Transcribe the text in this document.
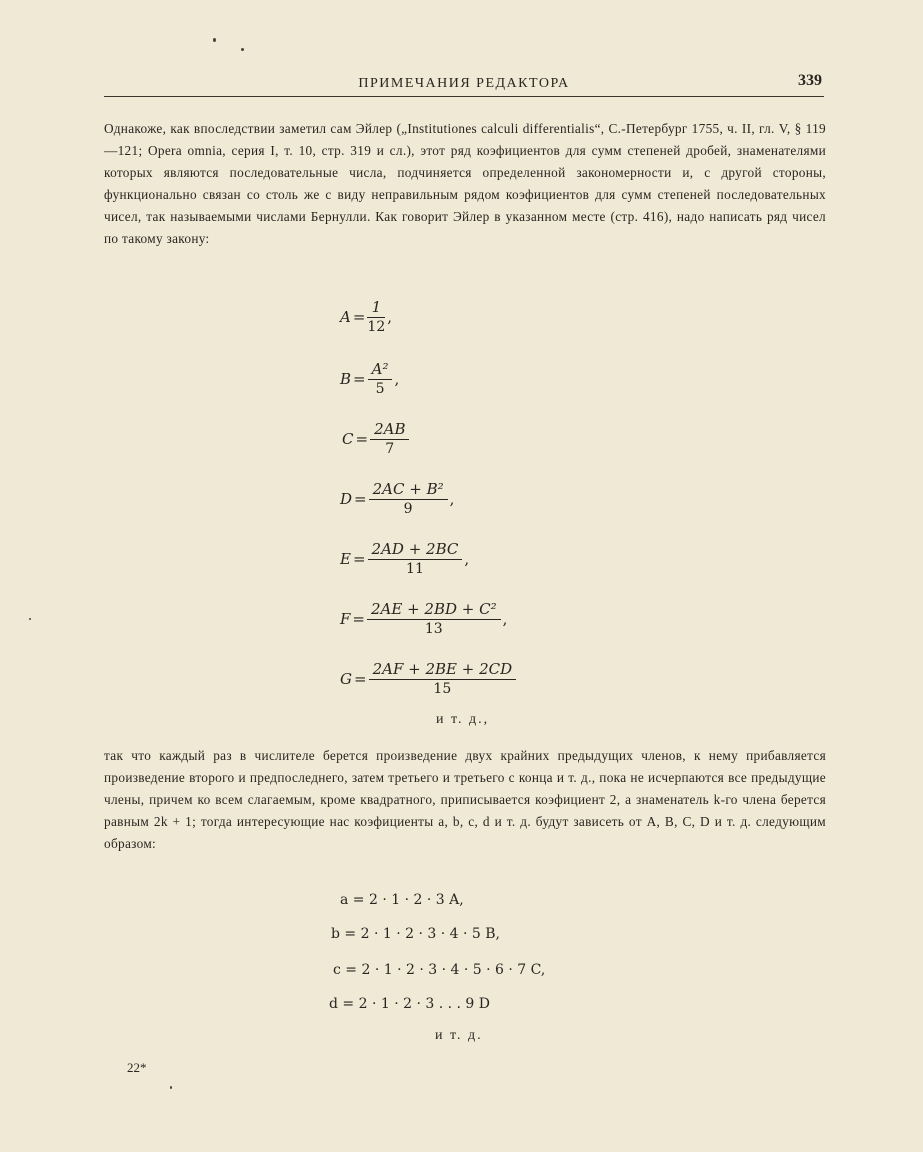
ПРИМЕЧАНИЯ РЕДАКТОРА	339

Однакоже, как впоследствии заметил сам Эйлер („Institutiones calculi differentialis“, С.-Петербург 1755, ч. II, гл. V, § 119—121; Opera omnia, серия I, т. 10, стр. 319 и сл.), этот ряд коэфициентов для сумм степеней дробей, знаменателями которых являются последовательные числа, подчиняется определенной закономерности и, с другой стороны, функционально связан со столь же с виду неправильным рядом коэфициентов для сумм степеней последовательных чисел, так называемыми числами Бернулли. Как говорит Эйлер в указанном месте (стр. 416), надо написать ряд чисел по такому закону:

$A = \frac{1}{12}$ ,
$B = \frac{\text{A²}}{5}$ ,
$C = \frac{2AB}{7}$
$D = \frac{\text{2AC + B²}}{9}$ ,
$E = \frac{2AD + 2BC}{11}$ ,
$F = \frac{\text{2AE + 2BD + C²}}{13}$ ,
$G = \frac{2AF + 2BE + 2CD}{15}$
и т. д.,

так что каждый раз в числителе берется произведение двух крайних предыдущих членов, к нему прибавляется произведение второго и предпоследнего, затем третьего и третьего с конца и т. д., пока не исчерпаются все предыдущие члены, причем ко всем слагаемым, кроме квадратного, приписывается коэфициент 2, а знаменатель k-го члена берется равным 2k + 1; тогда интересующие нас коэфициенты a, b, c, d и т. д. будут зависеть от A, B, C, D и т. д. следующим образом:

a = 2 · 1 · 2 · 3 A,
b = 2 · 1 · 2 · 3 · 4 · 5 B,
c = 2 · 1 · 2 · 3 · 4 · 5 · 6 · 7 C,
d = 2 · 1 · 2 · 3 . . . 9 D
и т. д.
22*
